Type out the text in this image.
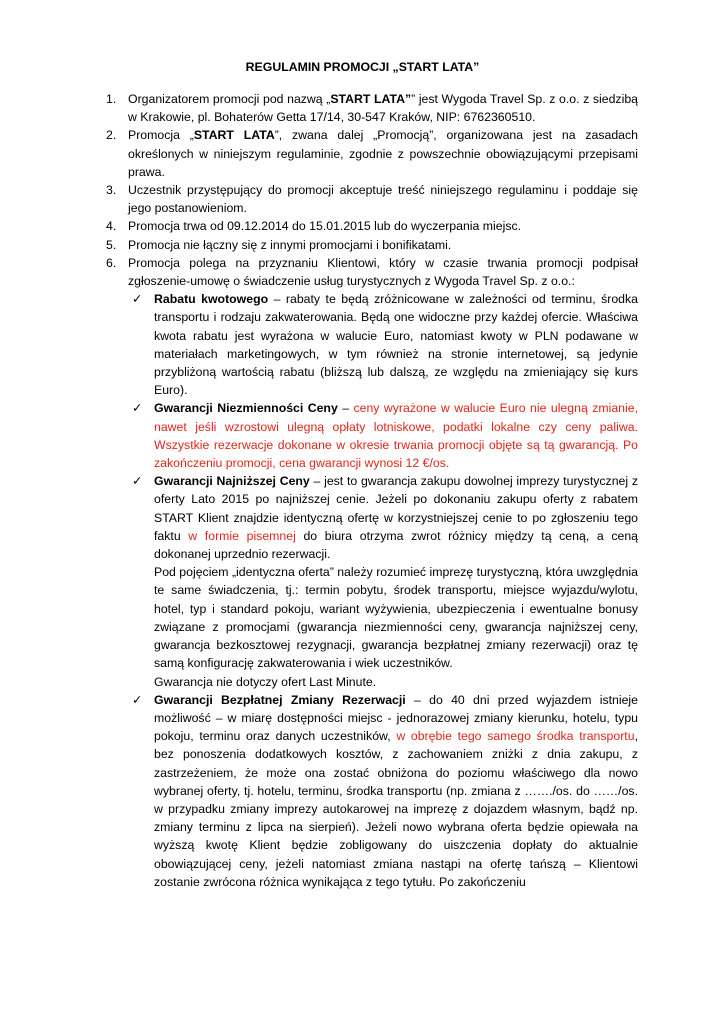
REGULAMIN PROMOCJI „START LATA”
1. Organizatorem promocji pod nazwą „START LATA”” jest Wygoda Travel Sp. z o.o. z siedzibą w Krakowie, pl. Bohaterów Getta 17/14, 30-547 Kraków, NIP: 6762360510.
2. Promocja „START LATA”, zwana dalej „Promocją”, organizowana jest na zasadach określonych w niniejszym regulaminie, zgodnie z powszechnie obowiązującymi przepisami prawa.
3. Uczestnik przystępujący do promocji akceptuje treść niniejszego regulaminu i poddaje się jego postanowieniom.
4. Promocja trwa od 09.12.2014 do 15.01.2015 lub do wyczerpania miejsc.
5. Promocja nie łączny się z innymi promocjami i bonifikatami.
6. Promocja polega na przyznaniu Klientowi, który w czasie trwania promocji podpisał zgłoszenie-umowę o świadczenie usług turystycznych z Wygoda Travel Sp. z o.o.:
✓ Rabatu kwotowego – rabaty te będą zróżnicowane w zależności od terminu, środka transportu i rodzaju zakwaterowania. Będą one widoczne przy każdej ofercie. Właściwa kwota rabatu jest wyrażona w walucie Euro, natomiast kwoty w PLN podawane w materiałach marketingowych, w tym również na stronie internetowej, są jedynie przybliżoną wartością rabatu (bliższą lub dalszą, ze względu na zmieniający się kurs Euro).
✓ Gwarancji Niezmienności Ceny – ceny wyrażone w walucie Euro nie ulegną zmianie, nawet jeśli wzrostowi ulegną opłaty lotniskowe, podatki lokalne czy ceny paliwa. Wszystkie rezerwacje dokonane w okresie trwania promocji objęte są tą gwarancją. Po zakończeniu promocji, cena gwarancji wynosi 12 €/os.
✓ Gwarancji Najniższej Ceny – jest to gwarancja zakupu dowolnej imprezy turystycznej z oferty Lato 2015 po najniższej cenie. Jeżeli po dokonaniu zakupu oferty z rabatem START Klient znajdzie identyczną ofertę w korzystniejszej cenie to po zgłoszeniu tego faktu w formie pisemnej do biura otrzyma zwrot różnicy między tą ceną, a ceną dokonanej uprzednio rezerwacji.
Pod pojęciem „identyczna oferta” należy rozumieć imprezę turystyczną, która uwzględnia te same świadczenia, tj.: termin pobytu, środek transportu, miejsce wyjazdu/wylotu, hotel, typ i standard pokoju, wariant wyżywienia, ubezpieczenia i ewentualne bonusy związane z promocjami (gwarancja niezmienności ceny, gwarancja najniższej ceny, gwarancja bezkosztowej rezygnacji, gwarancja bezpłatnej zmiany rezerwacji) oraz tę samą konfigurację zakwaterowania i wiek uczestników.
Gwarancja nie dotyczy ofert Last Minute.
✓ Gwarancji Bezpłatnej Zmiany Rezerwacji – do 40 dni przed wyjazdem istnieje możliwość – w miarę dostępności miejsc - jednorazowej zmiany kierunku, hotelu, typu pokoju, terminu oraz danych uczestników, w obrębie tego samego środka transportu, bez ponoszenia dodatkowych kosztów, z zachowaniem zniżki z dnia zakupu, z zastrzeżeniem, że może ona zostać obniżona do poziomu właściwego dla nowo wybranej oferty, tj. hotelu, terminu, środka transportu (np. zmiana z ……./os. do ……/os. w przypadku zmiany imprezy autokarowej na imprezę z dojazdem własnym, bądź np. zmiany terminu z lipca na sierpień). Jeżeli nowo wybrana oferta będzie opiewała na wyższą kwotę Klient będzie zobligowany do uiszczenia dopłaty do aktualnie obowiązującej ceny, jeżeli natomiast zmiana nastąpi na ofertę tańszą – Klientowi zostanie zwrócona różnica wynikająca z tego tytułu. Po zakończeniu
